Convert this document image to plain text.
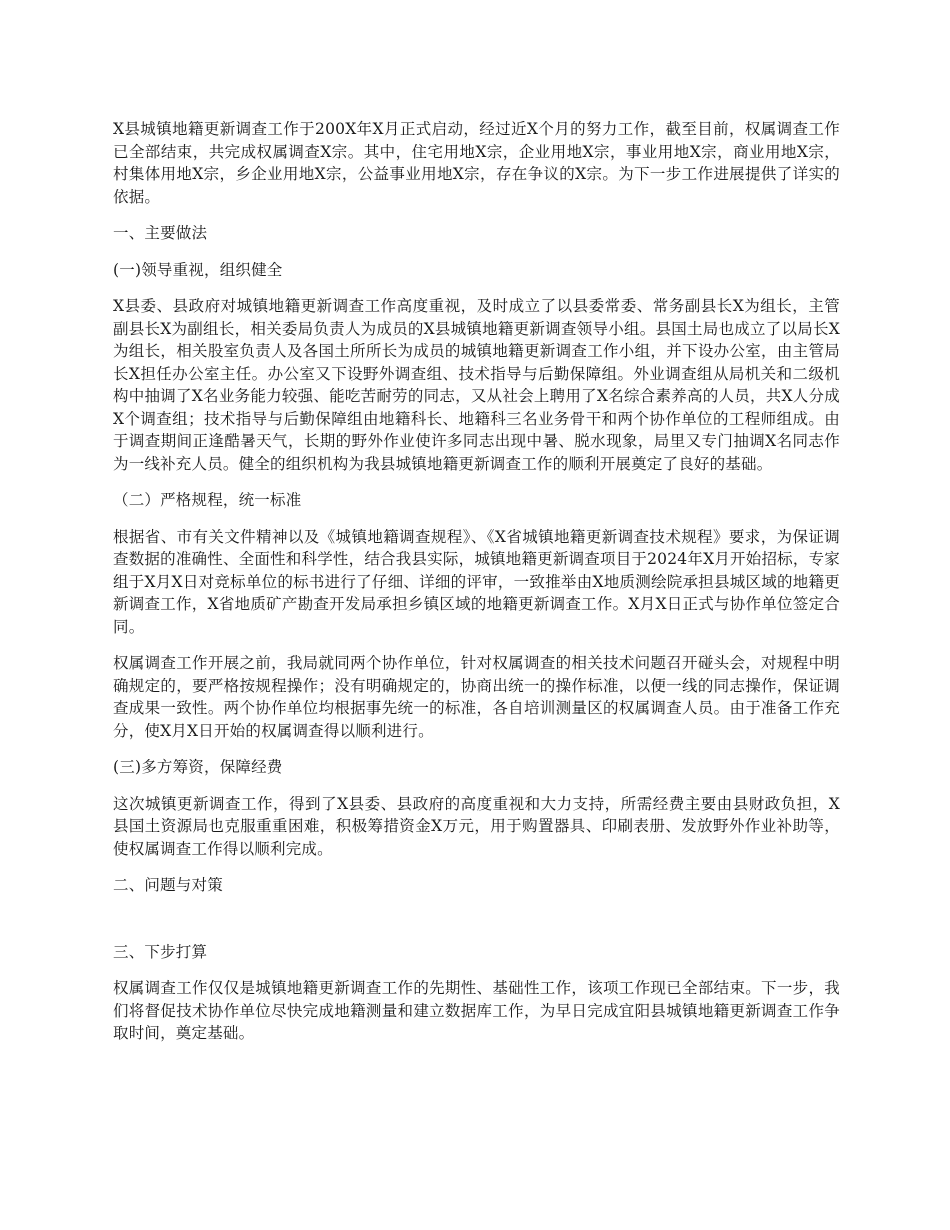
X县城镇地籍更新调查工作于200X年X月正式启动，经过近X个月的努力工作，截至目前，权属调查工作已全部结束，共完成权属调查X宗。其中，住宅用地X宗，企业用地X宗，事业用地X宗，商业用地X宗，村集体用地X宗，乡企业用地X宗，公益事业用地X宗，存在争议的X宗。为下一步工作进展提供了详实的依据。

一、主要做法

(一)领导重视，组织健全

X县委、县政府对城镇地籍更新调查工作高度重视，及时成立了以县委常委、常务副县长X为组长，主管副县长X为副组长，相关委局负责人为成员的X县城镇地籍更新调查领导小组。县国土局也成立了以局长X为组长，相关股室负责人及各国土所所长为成员的城镇地籍更新调查工作小组，并下设办公室，由主管局长X担任办公室主任。办公室又下设野外调查组、技术指导与后勤保障组。外业调查组从局机关和二级机构中抽调了X名业务能力较强、能吃苦耐劳的同志，又从社会上聘用了X名综合素养高的人员，共X人分成X个调查组；技术指导与后勤保障组由地籍科长、地籍科三名业务骨干和两个协作单位的工程师组成。由于调查期间正逢酷暑天气，长期的野外作业使许多同志出现中暑、脱水现象，局里又专门抽调X名同志作为一线补充人员。健全的组织机构为我县城镇地籍更新调查工作的顺利开展奠定了良好的基础。

（二）严格规程，统一标准

根据省、市有关文件精神以及《城镇地籍调查规程》、《X省城镇地籍更新调查技术规程》要求，为保证调查数据的准确性、全面性和科学性，结合我县实际，城镇地籍更新调查项目于2024年X月开始招标，专家组于X月X日对竞标单位的标书进行了仔细、详细的评审，一致推举由X地质测绘院承担县城区域的地籍更新调查工作，X省地质矿产勘查开发局承担乡镇区域的地籍更新调查工作。X月X日正式与协作单位签定合同。

权属调查工作开展之前，我局就同两个协作单位，针对权属调查的相关技术问题召开碰头会，对规程中明确规定的，要严格按规程操作；没有明确规定的，协商出统一的操作标准，以便一线的同志操作，保证调查成果一致性。两个协作单位均根据事先统一的标准，各自培训测量区的权属调查人员。由于准备工作充分，使X月X日开始的权属调查得以顺利进行。

(三)多方筹资，保障经费

这次城镇更新调查工作，得到了X县委、县政府的高度重视和大力支持，所需经费主要由县财政负担，X县国土资源局也克服重重困难，积极筹措资金X万元，用于购置器具、印刷表册、发放野外作业补助等，使权属调查工作得以顺利完成。

二、问题与对策

三、下步打算

权属调查工作仅仅是城镇地籍更新调查工作的先期性、基础性工作，该项工作现已全部结束。下一步，我们将督促技术协作单位尽快完成地籍测量和建立数据库工作，为早日完成宜阳县城镇地籍更新调查工作争取时间，奠定基础。
